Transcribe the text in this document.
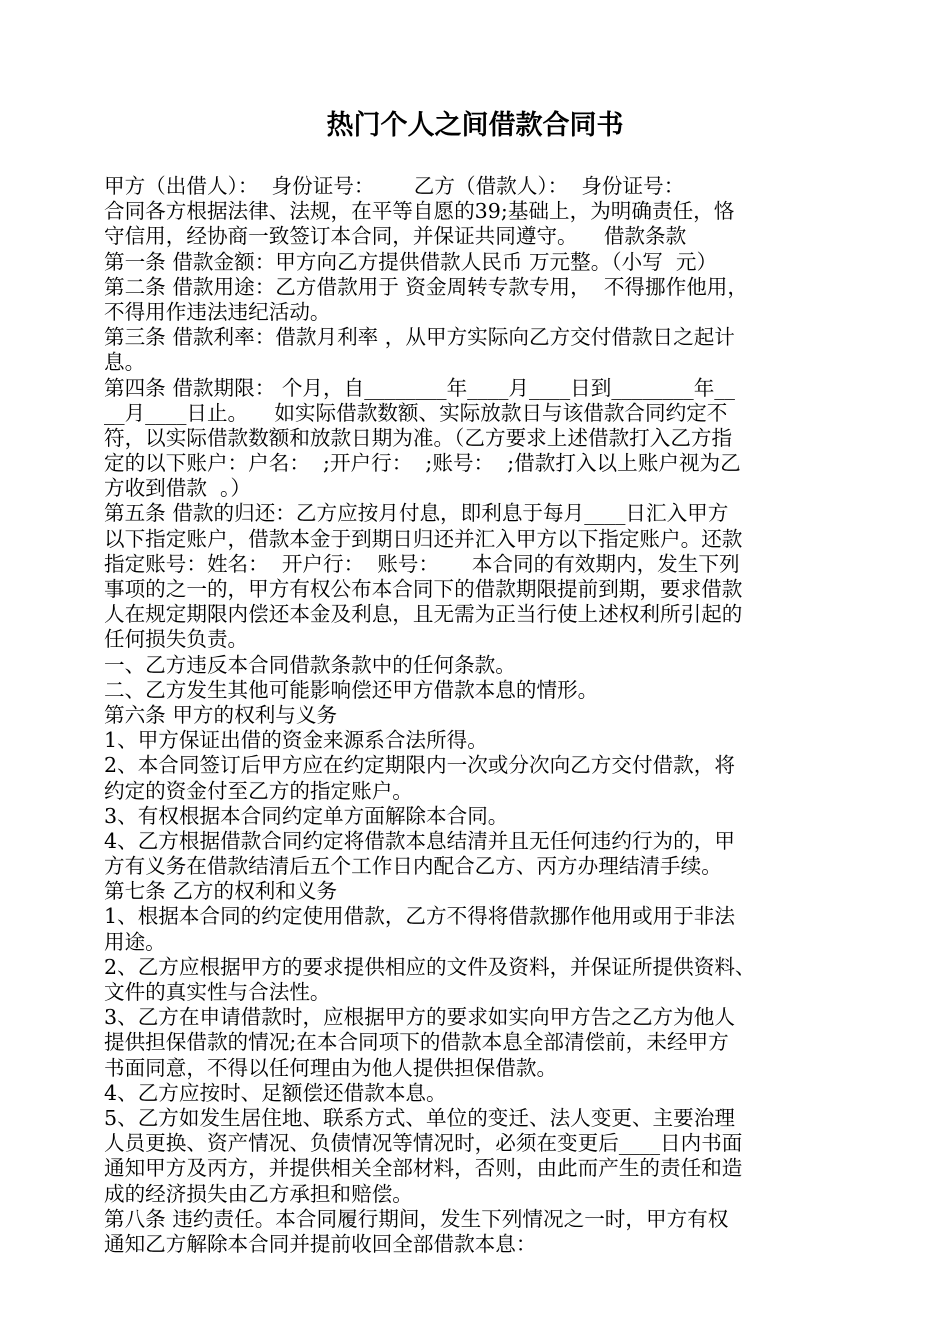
热门个人之间借款合同书
甲方（出借人）：  身份证号：      乙方（借款人）：  身份证号：
合同各方根据法律、法规，在平等自愿的39;基础上，为明确责任，恪
守信用，经协商一致签订本合同，并保证共同遵守。    借款条款
第一条 借款金额：甲方向乙方提供借款人民币 万元整。（小写  元）
第二条 借款用途：乙方借款用于 资金周转专款专用，  不得挪作他用，
不得用作违法违纪活动。
第三条 借款利率：借款月利率 ，从甲方实际向乙方交付借款日之起计
息。
第四条 借款期限： 个月，自________年____月____日到________年__
__月____日止。    如实际借款数额、实际放款日与该借款合同约定不
符，以实际借款数额和放款日期为准。（乙方要求上述借款打入乙方指
定的以下账户：户名：  ;开户行：  ;账号：  ;借款打入以上账户视为乙
方收到借款  。）
第五条 借款的归还：乙方应按月付息，即利息于每月____日汇入甲方
以下指定账户，借款本金于到期日归还并汇入甲方以下指定账户。还款
指定账号：姓名：  开户行：  账号：     本合同的有效期内，发生下列
事项的之一的，甲方有权公布本合同下的借款期限提前到期，要求借款
人在规定期限内偿还本金及利息，且无需为正当行使上述权利所引起的
任何损失负责。
一、乙方违反本合同借款条款中的任何条款。
二、乙方发生其他可能影响偿还甲方借款本息的情形。
第六条 甲方的权利与义务
1、甲方保证出借的资金来源系合法所得。
2、本合同签订后甲方应在约定期限内一次或分次向乙方交付借款，将
约定的资金付至乙方的指定账户。
3、有权根据本合同约定单方面解除本合同。
4、乙方根据借款合同约定将借款本息结清并且无任何违约行为的，甲
方有义务在借款结清后五个工作日内配合乙方、丙方办理结清手续。
第七条 乙方的权利和义务
1、根据本合同的约定使用借款，乙方不得将借款挪作他用或用于非法
用途。
2、乙方应根据甲方的要求提供相应的文件及资料，并保证所提供资料、
文件的真实性与合法性。
3、乙方在申请借款时，应根据甲方的要求如实向甲方告之乙方为他人
提供担保借款的情况;在本合同项下的借款本息全部清偿前，未经甲方
书面同意，不得以任何理由为他人提供担保借款。
4、乙方应按时、足额偿还借款本息。
5、乙方如发生居住地、联系方式、单位的变迁、法人变更、主要治理
人员更换、资产情况、负债情况等情况时，必须在变更后____日内书面
通知甲方及丙方，并提供相关全部材料，否则，由此而产生的责任和造
成的经济损失由乙方承担和赔偿。
第八条 违约责任。本合同履行期间，发生下列情况之一时，甲方有权
通知乙方解除本合同并提前收回全部借款本息：
